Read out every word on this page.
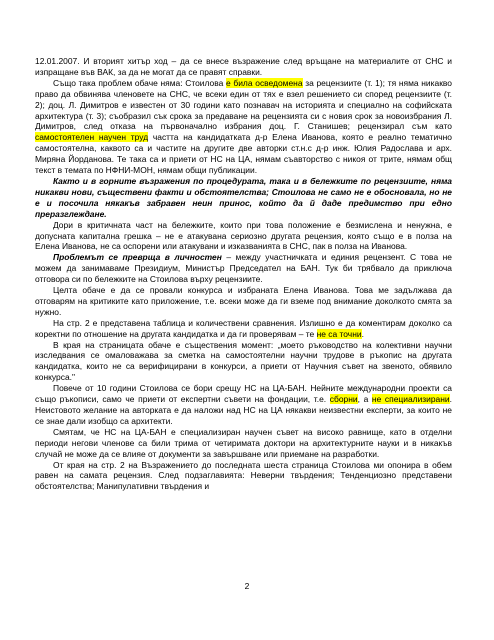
12.01.2007. И вторият хитър ход – да се внесе възражение след връщане на материалите от СНС и изпращане във ВАК, за да не могат да се правят справки.

Също така проблем обаче няма: Стоилова е била осведомена за рецензиите (т. 1); тя няма никакво право да обвинява членовете на СНС, че всеки един от тях е взел решението си според рецензиите (т. 2); доц. Л. Димитров е известен от 30 години като познавач на историята и специално на софийската архитектура (т. 3); съобразил сък срока за предаване на рецензията си с новия срок за новоизбрания Л. Димитров, след отказа на първоначално избрания доц. Г. Станишев; рецензирал съм като самостоятелен научен труд частта на кандидатката д-р Елена Иванова, която е реално тематично самостоятелна, каквото са и частите на другите две авторки ст.н.с д-р инж. Юлия Радослава и арх. Миряна Йорданова. Те така са и приети от НС на ЦА, нямам съавторство с никоя от трите, нямам общ текст в темата по НФНИ-МОН, нямам общи публикации.

Както и в горните възражения по процедурата, така и в бележките по рецензиите, няма никакви нови, съществени факти и обстоятелства; Стоилова не само не е обосновала, но не е и посочила някакъв забравен неин принос, който да й даде предимство при едно преразглеждане.

Дори в критичната част на бележките, които при това положение е безмислена и ненужна, е допусната капитална грешка – не е атакувана сериозно другата рецензия, която също е в полза на Елена Иванова, не са оспорени или атакувани и изказванията в СНС, пак в полза на Иванова.

Проблемът се преврща в личностен – между участничката и единия рецензент. С това не можем да занимаваме Президиум, Министър Председател на БАН. Тук би трябвало да приключа отговора си по бележките на Стоилова върху рецензиите.

Целта обаче е да се провали конкурса и избраната Елена Иванова. Това ме задължава да отговарям на критиките като приложение, т.е. всеки може да ги вземе под внимание доколкото смята за нужно.

На стр. 2 е представена таблица и количествени сравнения. Излишно е да коментирам доколко са коректни по отношение на другата кандидатка и да ги проверявам – те не са точни.

В края на страницата обаче е съществения момент: „моето ръководство на колективни научни изследвания се омаловажава за сметка на самостоятелни научни трудове в ръкопис на другата кандидатка, които не са верифицирани в конкурси, а приети от Научния съвет на звеното, обявило конкурса."

Повече от 10 години Стоилова се бори срещу НС на ЦА-БАН. Нейните международни проекти са също ръкописи, само че приети от експертни съвети на фондации, т.е. сборни, а не специализирани. Неистовото желание на авторката е да наложи над НС на ЦА някакви неизвестни експерти, за които не се знае дали изобщо са архитекти.

Смятам, че НС на ЦА-БАН е специализиран научен съвет на високо равнище, като в отделни периоди негови членове са били трима от четиримата доктори на архитектурните науки и в никакъв случай не може да се влияе от документи за завършване или приемане на разработки.

От края на стр. 2 на Възражението до последната шеста страница Стоилова ми опонира в обем равен на самата рецензия. След подзаглавията: Неверни твърдения; Тенденциозно представени обстоятелства; Манипулативни твърдения и

2
